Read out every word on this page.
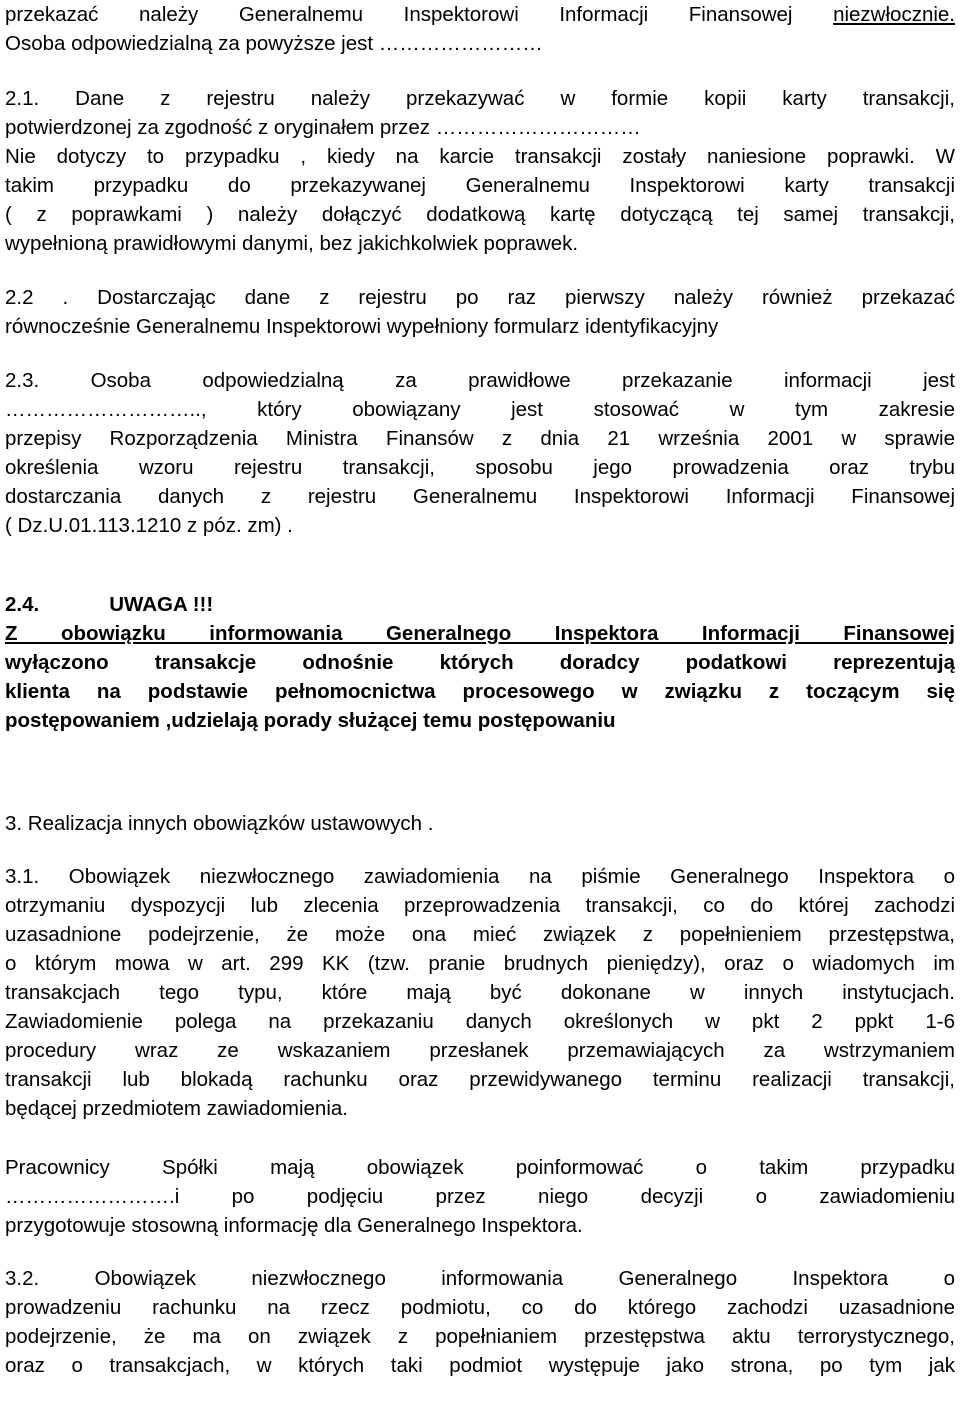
przekazać należy Generalnemu Inspektorowi Informacji Finansowej niezwłocznie.
Osoba odpowiedzialną za powyższe jest ……………………
2.1. Dane z rejestru należy przekazywać w formie kopii karty transakcji,
potwierdzonej za zgodność z oryginałem przez …………………………
Nie dotyczy to przypadku , kiedy na karcie transakcji zostały naniesione poprawki. W
takim przypadku do przekazywanej Generalnemu Inspektorowi karty transakcji
( z poprawkami ) należy dołączyć dodatkową kartę dotyczącą tej samej transakcji,
wypełnioną prawidłowymi danymi, bez jakichkolwiek poprawek.
2.2 . Dostarczając dane z rejestru po raz pierwszy należy również przekazać
równocześnie Generalnemu Inspektorowi wypełniony formularz identyfikacyjny
2.3. Osoba odpowiedzialną za prawidłowe przekazanie informacji jest
……………………….., który obowiązany jest stosować w tym zakresie
przepisy Rozporządzenia Ministra Finansów z dnia 21 września 2001 w sprawie
określenia wzoru rejestru transakcji, sposobu jego prowadzenia oraz trybu
dostarczania danych z rejestru Generalnemu Inspektorowi Informacji Finansowej
( Dz.U.01.113.1210 z póz. zm) .
2.4.	UWAGA !!!
Z obowiązku informowania Generalnego Inspektora Informacji Finansowej
wyłączono transakcje odnośnie których doradcy podatkowi reprezentują
klienta na podstawie pełnomocnictwa procesowego w związku z toczącym się
postępowaniem ,udzielają porady służącej temu postępowaniu
3. Realizacja innych obowiązków ustawowych .
3.1. Obowiązek niezwłocznego zawiadomienia na piśmie Generalnego Inspektora o
otrzymaniu dyspozycji lub zlecenia przeprowadzenia transakcji, co do której zachodzi
uzasadnione podejrzenie, że może ona mieć związek z popełnieniem przestępstwa,
o którym mowa w art. 299 KK (tzw. pranie brudnych pieniędzy), oraz o wiadomych im
transakcjach tego typu, które mają być dokonane w innych instytucjach.
Zawiadomienie polega na przekazaniu danych określonych w pkt 2 ppkt 1-6
procedury wraz ze wskazaniem przesłanek przemawiających za wstrzymaniem
transakcji lub blokadą rachunku oraz przewidywanego terminu realizacji transakcji,
będącej przedmiotem zawiadomienia.
Pracownicy Spółki mają obowiązek poinformować o takim przypadku
…………………….i po podjęciu przez niego decyzji o zawiadomieniu
przygotowuje stosowną informację dla Generalnego Inspektora.
3.2. Obowiązek niezwłocznego informowania Generalnego Inspektora o
prowadzeniu rachunku na rzecz podmiotu, co do którego zachodzi uzasadnione
podejrzenie, że ma on związek z popełnianiem przestępstwa aktu terrorystycznego,
oraz o transakcjach, w których taki podmiot występuje jako strona, po tym jak
